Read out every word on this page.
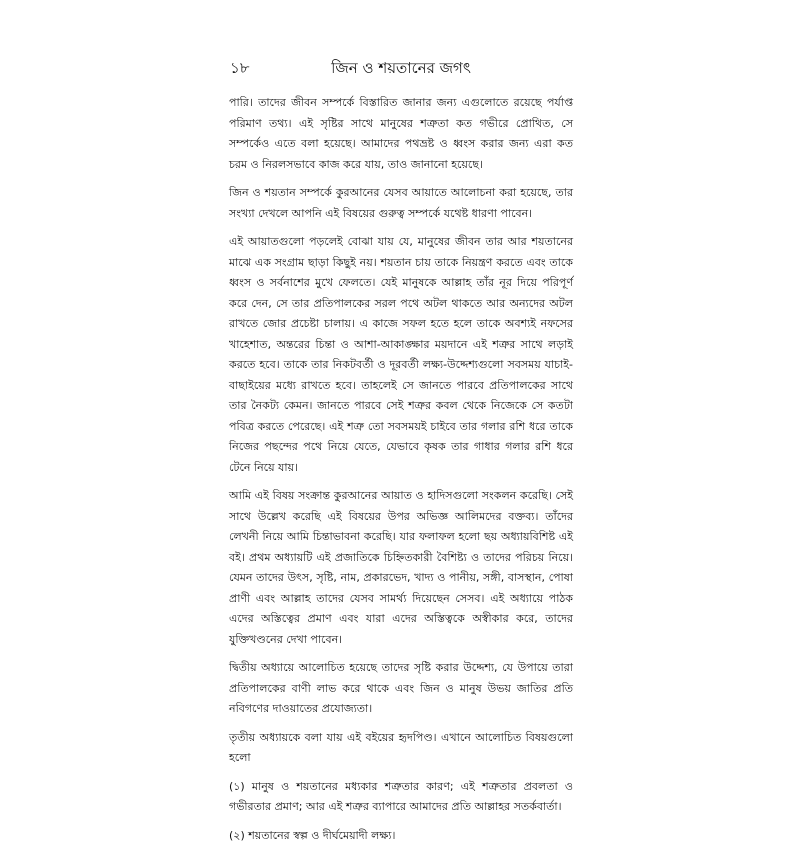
১৮	জিন ও শয়তানের জগৎ

পারি। তাদের জীবন সম্পর্কে বিস্তারিত জানার জন্য এগুলোতে রয়েছে পর্যাপ্ত পরিমাণ তথ্য। এই সৃষ্টির সাথে মানুষের শত্রুতা কত গভীরে প্রোথিত, সে সম্পর্কেও এতে বলা হয়েছে। আমাদের পথভ্রষ্ট ও ধ্বংস করার জন্য এরা কত চরম ও নিরলসভাবে কাজ করে যায়, তাও জানানো হয়েছে।

জিন ও শয়তান সম্পর্কে কুরআনের যেসব আয়াতে আলোচনা করা হয়েছে, তার সংখ্যা দেখলে আপনি এই বিষয়ের গুরুত্ব সম্পর্কে যথেষ্ট ধারণা পাবেন।

এই আয়াতগুলো পড়লেই বোঝা যায় যে, মানুষের জীবন তার আর শয়তানের মাঝে এক সংগ্রাম ছাড়া কিছুই নয়। শয়তান চায় তাকে নিয়ন্ত্রণ করতে এবং তাকে ধ্বংস ও সর্বনাশের মুখে ফেলতে। যেই মানুষকে আল্লাহ তাঁর নূর দিয়ে পরিপূর্ণ করে দেন, সে তার প্রতিপালকের সরল পথে অটল থাকতে আর অন্যদের অটল রাখতে জোর প্রচেষ্টা চালায়। এ কাজে সফল হতে হলে তাকে অবশ্যই নফসের খাহেশাত, অন্তরের চিন্তা ও আশা-আকাঙ্ক্ষার ময়দানে এই শত্রুর সাথে লড়াই করতে হবে। তাকে তার নিকটবর্তী ও দূরবর্তী লক্ষ্য-উদ্দেশ্যগুলো সবসময় যাচাই-বাছাইয়ের মধ্যে রাখতে হবে। তাহলেই সে জানতে পারবে প্রতিপালকের সাথে তার নৈকট্য কেমন। জানতে পারবে সেই শত্রুর কবল থেকে নিজেকে সে কতটা পবিত্র করতে পেরেছে। এই শত্রু তো সবসময়ই চাইবে তার গলার রশি ধরে তাকে নিজের পছন্দের পথে নিয়ে যেতে, যেভাবে কৃষক তার গাধার গলার রশি ধরে টেনে নিয়ে যায়।

আমি এই বিষয় সংক্রান্ত কুরআনের আয়াত ও হাদিসগুলো সংকলন করেছি। সেই সাথে উল্লেখ করেছি এই বিষয়ের উপর অভিজ্ঞ আলিমদের বক্তব্য। তাঁদের লেখনী নিয়ে আমি চিন্তাভাবনা করেছি। যার ফলাফল হলো ছয় অধ্যায়বিশিষ্ট এই বই। প্রথম অধ্যায়টি এই প্রজাতিকে চিহ্নিতকারী বৈশিষ্ট্য ও তাদের পরিচয় নিয়ে। যেমন তাদের উৎস, সৃষ্টি, নাম, প্রকারভেদ, খাদ্য ও পানীয়, সঙ্গী, বাসস্থান, পোষা প্রাণী এবং আল্লাহ তাদের যেসব সামর্থ্য দিয়েছেন সেসব। এই অধ্যায়ে পাঠক এদের অস্তিত্বের প্রমাণ এবং যারা এদের অস্তিত্বকে অস্বীকার করে, তাদের যুক্তিখণ্ডনের দেখা পাবেন।

দ্বিতীয় অধ্যায়ে আলোচিত হয়েছে তাদের সৃষ্টি করার উদ্দেশ্য, যে উপায়ে তারা প্রতিপালকের বাণী লাভ করে থাকে এবং জিন ও মানুষ উভয় জাতির প্রতি নবিগণের দাওয়াতের প্রযোজ্যতা।

তৃতীয় অধ্যায়কে বলা যায় এই বইয়ের হৃদপিণ্ড। এখানে আলোচিত বিষয়গুলো হলো

(১) মানুষ ও শয়তানের মধ্যকার শত্রুতার কারণ; এই শত্রুতার প্রবলতা ও গভীরতার প্রমাণ; আর এই শত্রুর ব্যাপারে আমাদের প্রতি আল্লাহর সতর্কবার্তা।

(২) শয়তানের স্বল্প ও দীর্ঘমেয়াদী লক্ষ্য।
